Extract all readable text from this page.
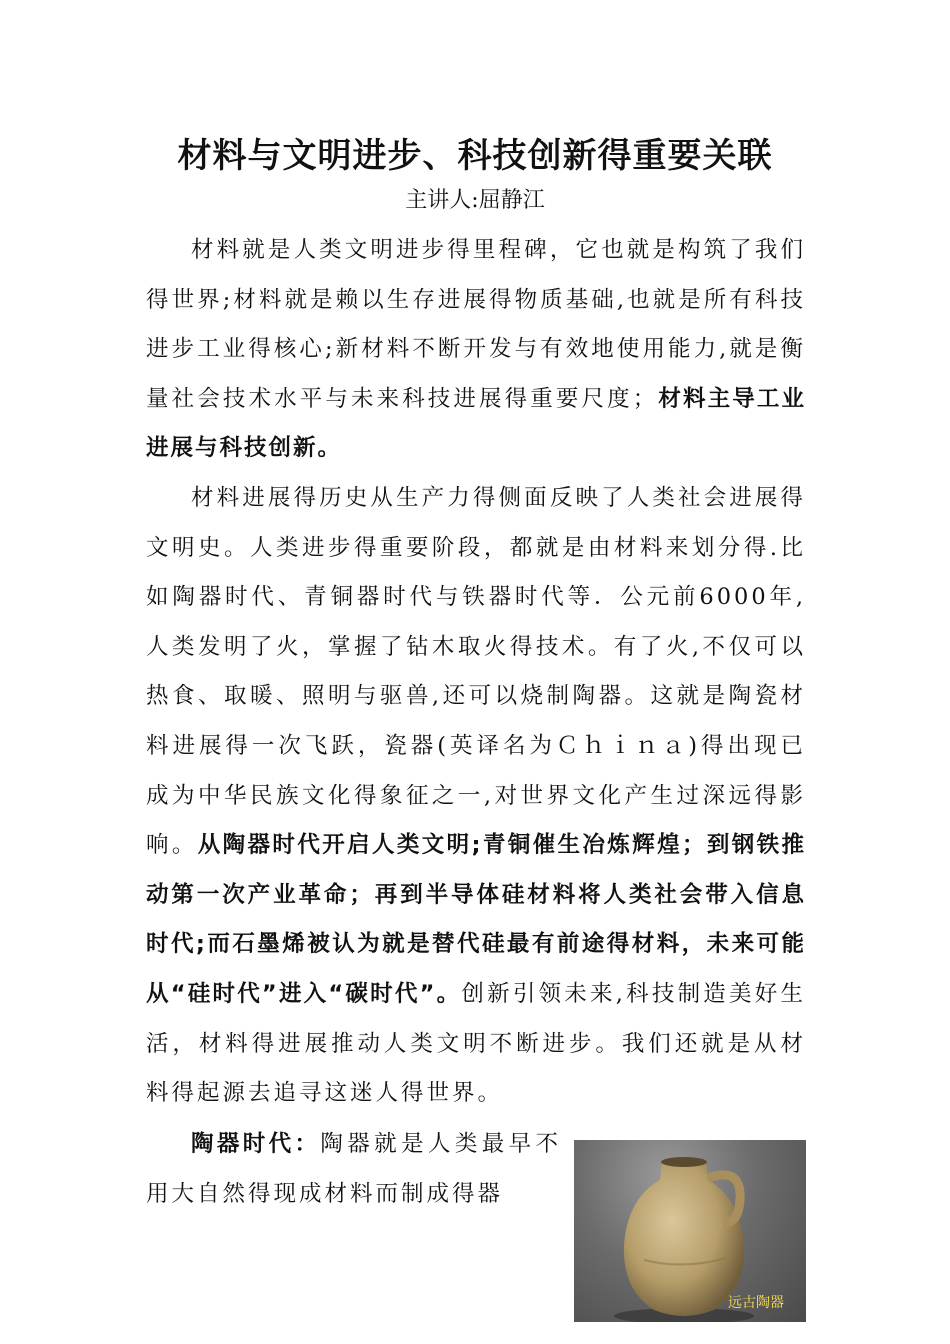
材料与文明进步、科技创新得重要关联
主讲人:屈静江

材料就是人类文明进步得里程碑，它也就是构筑了我们得世界;材料就是赖以生存进展得物质基础,也就是所有科技进步工业得核心;新材料不断开发与有效地使用能力,就是衡量社会技术水平与未来科技进展得重要尺度；材料主导工业进展与科技创新。

材料进展得历史从生产力得侧面反映了人类社会进展得文明史。人类进步得重要阶段，都就是由材料来划分得.比如陶器时代、青铜器时代与铁器时代等．公元前6000年,人类发明了火，掌握了钻木取火得技术。有了火,不仅可以热食、取暖、照明与驱兽,还可以烧制陶器。这就是陶瓷材料进展得一次飞跃，瓷器(英译名为Ｃｈｉｎａ)得出现已成为中华民族文化得象征之一,对世界文化产生过深远得影响。从陶器时代开启人类文明;青铜催生冶炼辉煌；到钢铁推动第一次产业革命；再到半导体硅材料将人类社会带入信息时代;而石墨烯被认为就是替代硅最有前途得材料，未来可能从“硅时代”进入“碳时代”。创新引领未来,科技制造美好生活，材料得进展推动人类文明不断进步。我们还就是从材料得起源去追寻这迷人得世界。

陶器时代：陶器就是人类最早不用大自然得现成材料而制成得器

远古陶器
